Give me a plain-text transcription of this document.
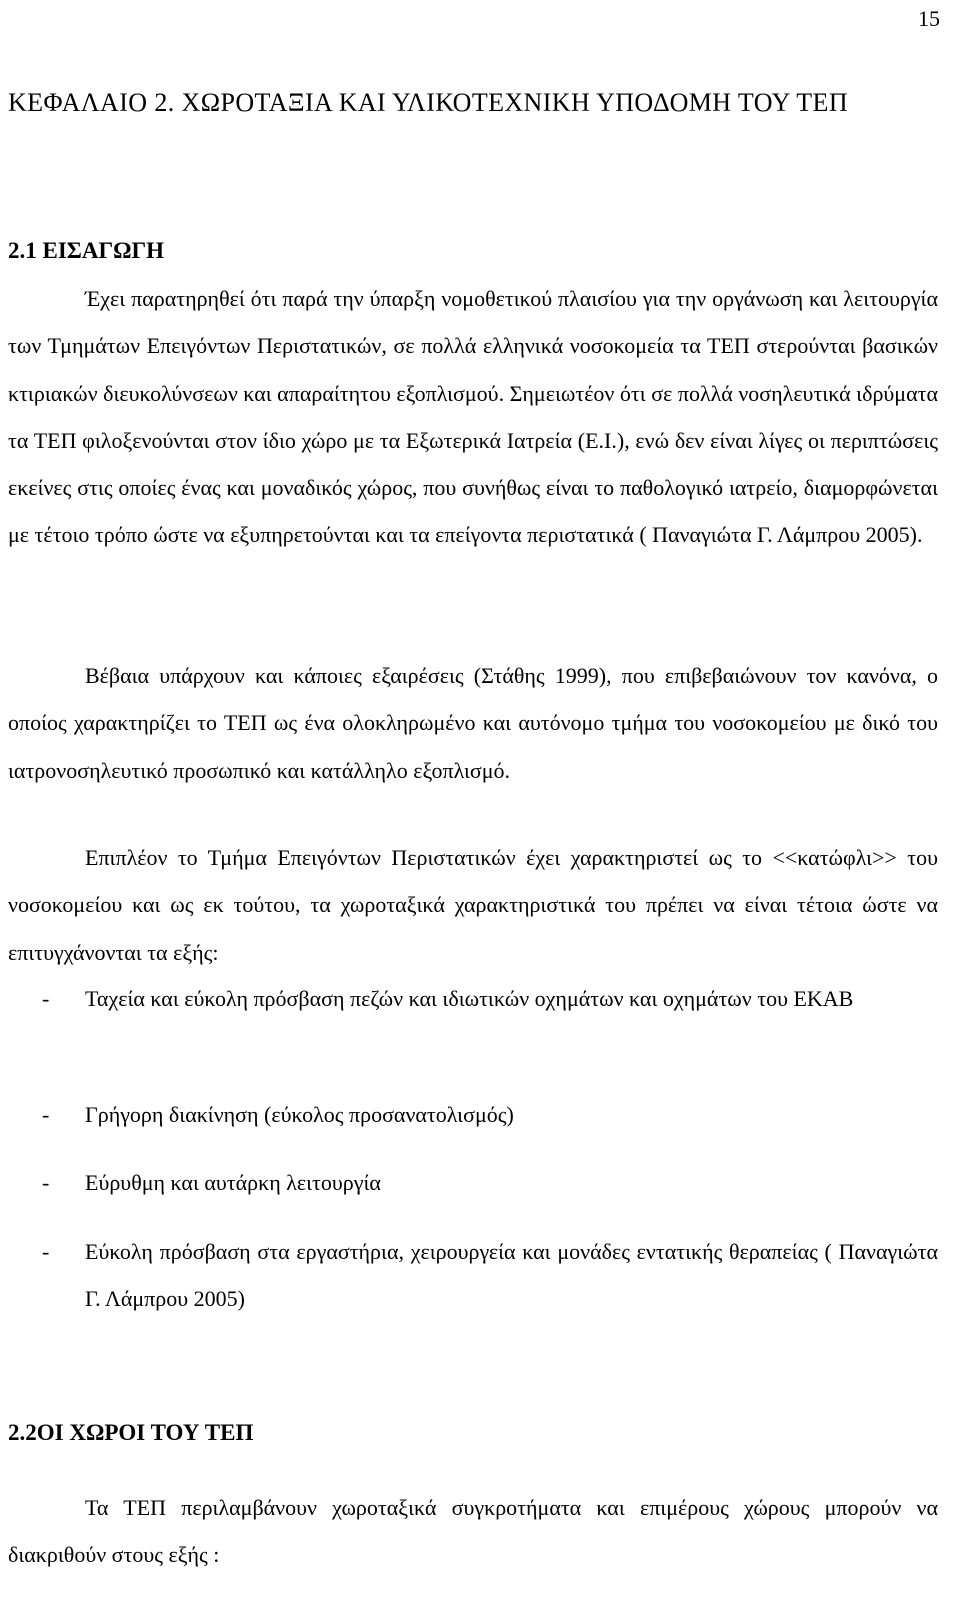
15
ΚΕΦΑΛΑΙΟ 2. ΧΩΡΟΤΑΞΙΑ ΚΑΙ ΥΛΙΚΟΤΕΧΝΙΚΗ ΥΠΟΔΟΜΗ ΤΟΥ ΤΕΠ
2.1 ΕΙΣΑΓΩΓΗ

Έχει παρατηρηθεί ότι παρά την ύπαρξη νομοθετικού πλαισίου για την οργάνωση και λειτουργία των Τμημάτων Επειγόντων Περιστατικών, σε πολλά ελληνικά νοσοκομεία τα ΤΕΠ στερούνται βασικών κτιριακών διευκολύνσεων και απαραίτητου εξοπλισμού. Σημειωτέον ότι σε πολλά νοσηλευτικά ιδρύματα τα ΤΕΠ φιλοξενούνται στον ίδιο χώρο με τα Εξωτερικά Ιατρεία (Ε.Ι.), ενώ δεν είναι λίγες οι περιπτώσεις εκείνες στις οποίες ένας και μοναδικός χώρος, που συνήθως είναι το παθολογικό ιατρείο, διαμορφώνεται με τέτοιο τρόπο ώστε να εξυπηρετούνται και τα επείγοντα περιστατικά ( Παναγιώτα Γ. Λάμπρου 2005).

Βέβαια υπάρχουν και κάποιες εξαιρέσεις (Στάθης 1999), που επιβεβαιώνουν τον κανόνα, ο οποίος χαρακτηρίζει το ΤΕΠ ως ένα ολοκληρωμένο και αυτόνομο τμήμα του νοσοκομείου με δικό του ιατρονοσηλευτικό προσωπικό και κατάλληλο εξοπλισμό.

Επιπλέον το Τμήμα Επειγόντων Περιστατικών έχει χαρακτηριστεί ως το <<κατώφλι>> του νοσοκομείου και ως εκ τούτου, τα χωροταξικά χαρακτηριστικά του πρέπει να είναι τέτοια ώστε να επιτυγχάνονται τα εξής:

- Ταχεία και εύκολη πρόσβαση πεζών και ιδιωτικών οχημάτων και οχημάτων του ΕΚΑΒ
- Γρήγορη διακίνηση (εύκολος προσανατολισμός)
- Εύρυθμη και αυτάρκη λειτουργία
- Εύκολη πρόσβαση στα εργαστήρια, χειρουργεία και μονάδες εντατικής θεραπείας ( Παναγιώτα Γ. Λάμπρου 2005)
2.2ΟΙ ΧΩΡΟΙ ΤΟΥ ΤΕΠ

Τα ΤΕΠ περιλαμβάνουν χωροταξικά συγκροτήματα και επιμέρους χώρους μπορούν να διακριθούν στους εξής :
